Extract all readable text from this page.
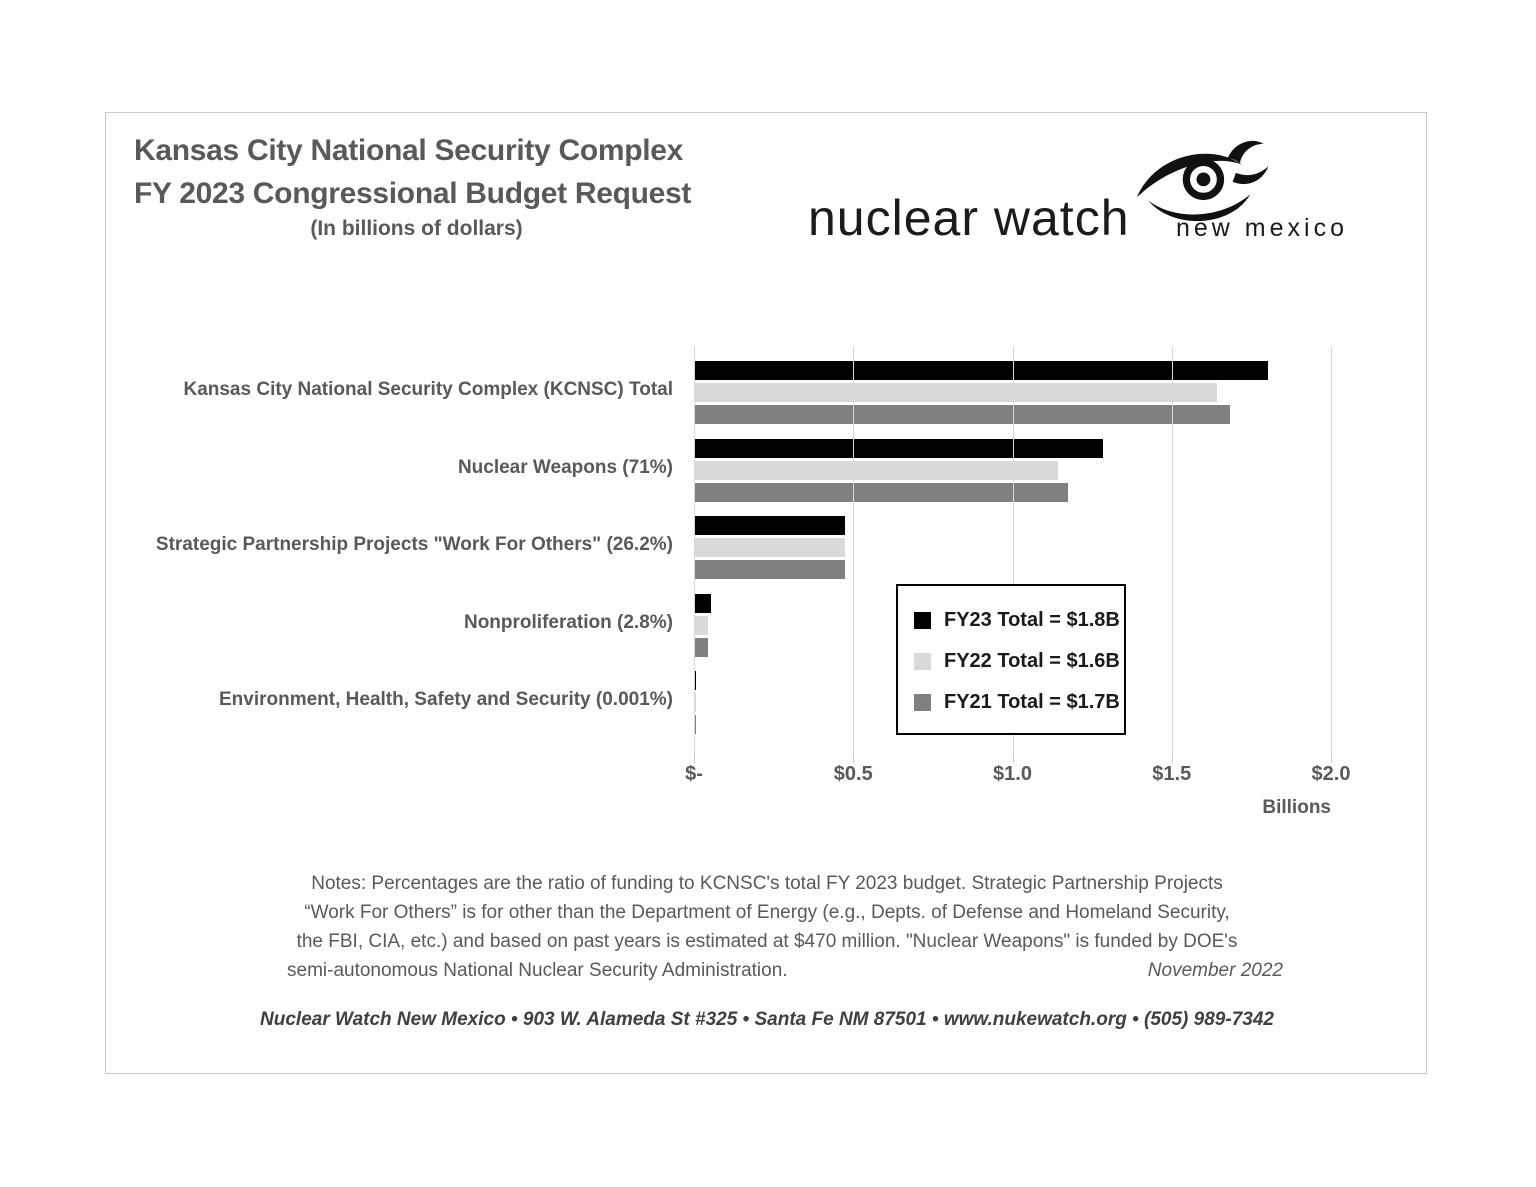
Kansas City National Security Complex
FY 2023 Congressional Budget Request
(In billions of dollars)	nuclear watch new mexico
Environment, Health, Safety and Security (0.001%)
Nonproliferation (2.8%)
Strategic Partnership Projects "Work For Others" (26.2%)
Nuclear Weapons (71%)
Kansas City National Security Complex (KCNSC) Total
$2.0
$1.5
$1.0
$0.5
$-
Billions
FY23 Total = $1.8B
FY22 Total = $1.6B
FY21 Total = $1.7B
Notes: Percentages are the ratio of funding to KCNSC's total FY 2023 budget. Strategic Partnership Projects
“Work For Others” is for other than the Department of Energy (e.g., Depts. of Defense and Homeland Security,
the FBI, CIA, etc.) and based on past years is estimated at $470 million. "Nuclear Weapons" is funded by DOE's
semi-autonomous National Nuclear Security Administration.	November 2022
Nuclear Watch New Mexico • 903 W. Alameda St #325 • Santa Fe NM 87501 • www.nukewatch.org • (505) 989-7342
